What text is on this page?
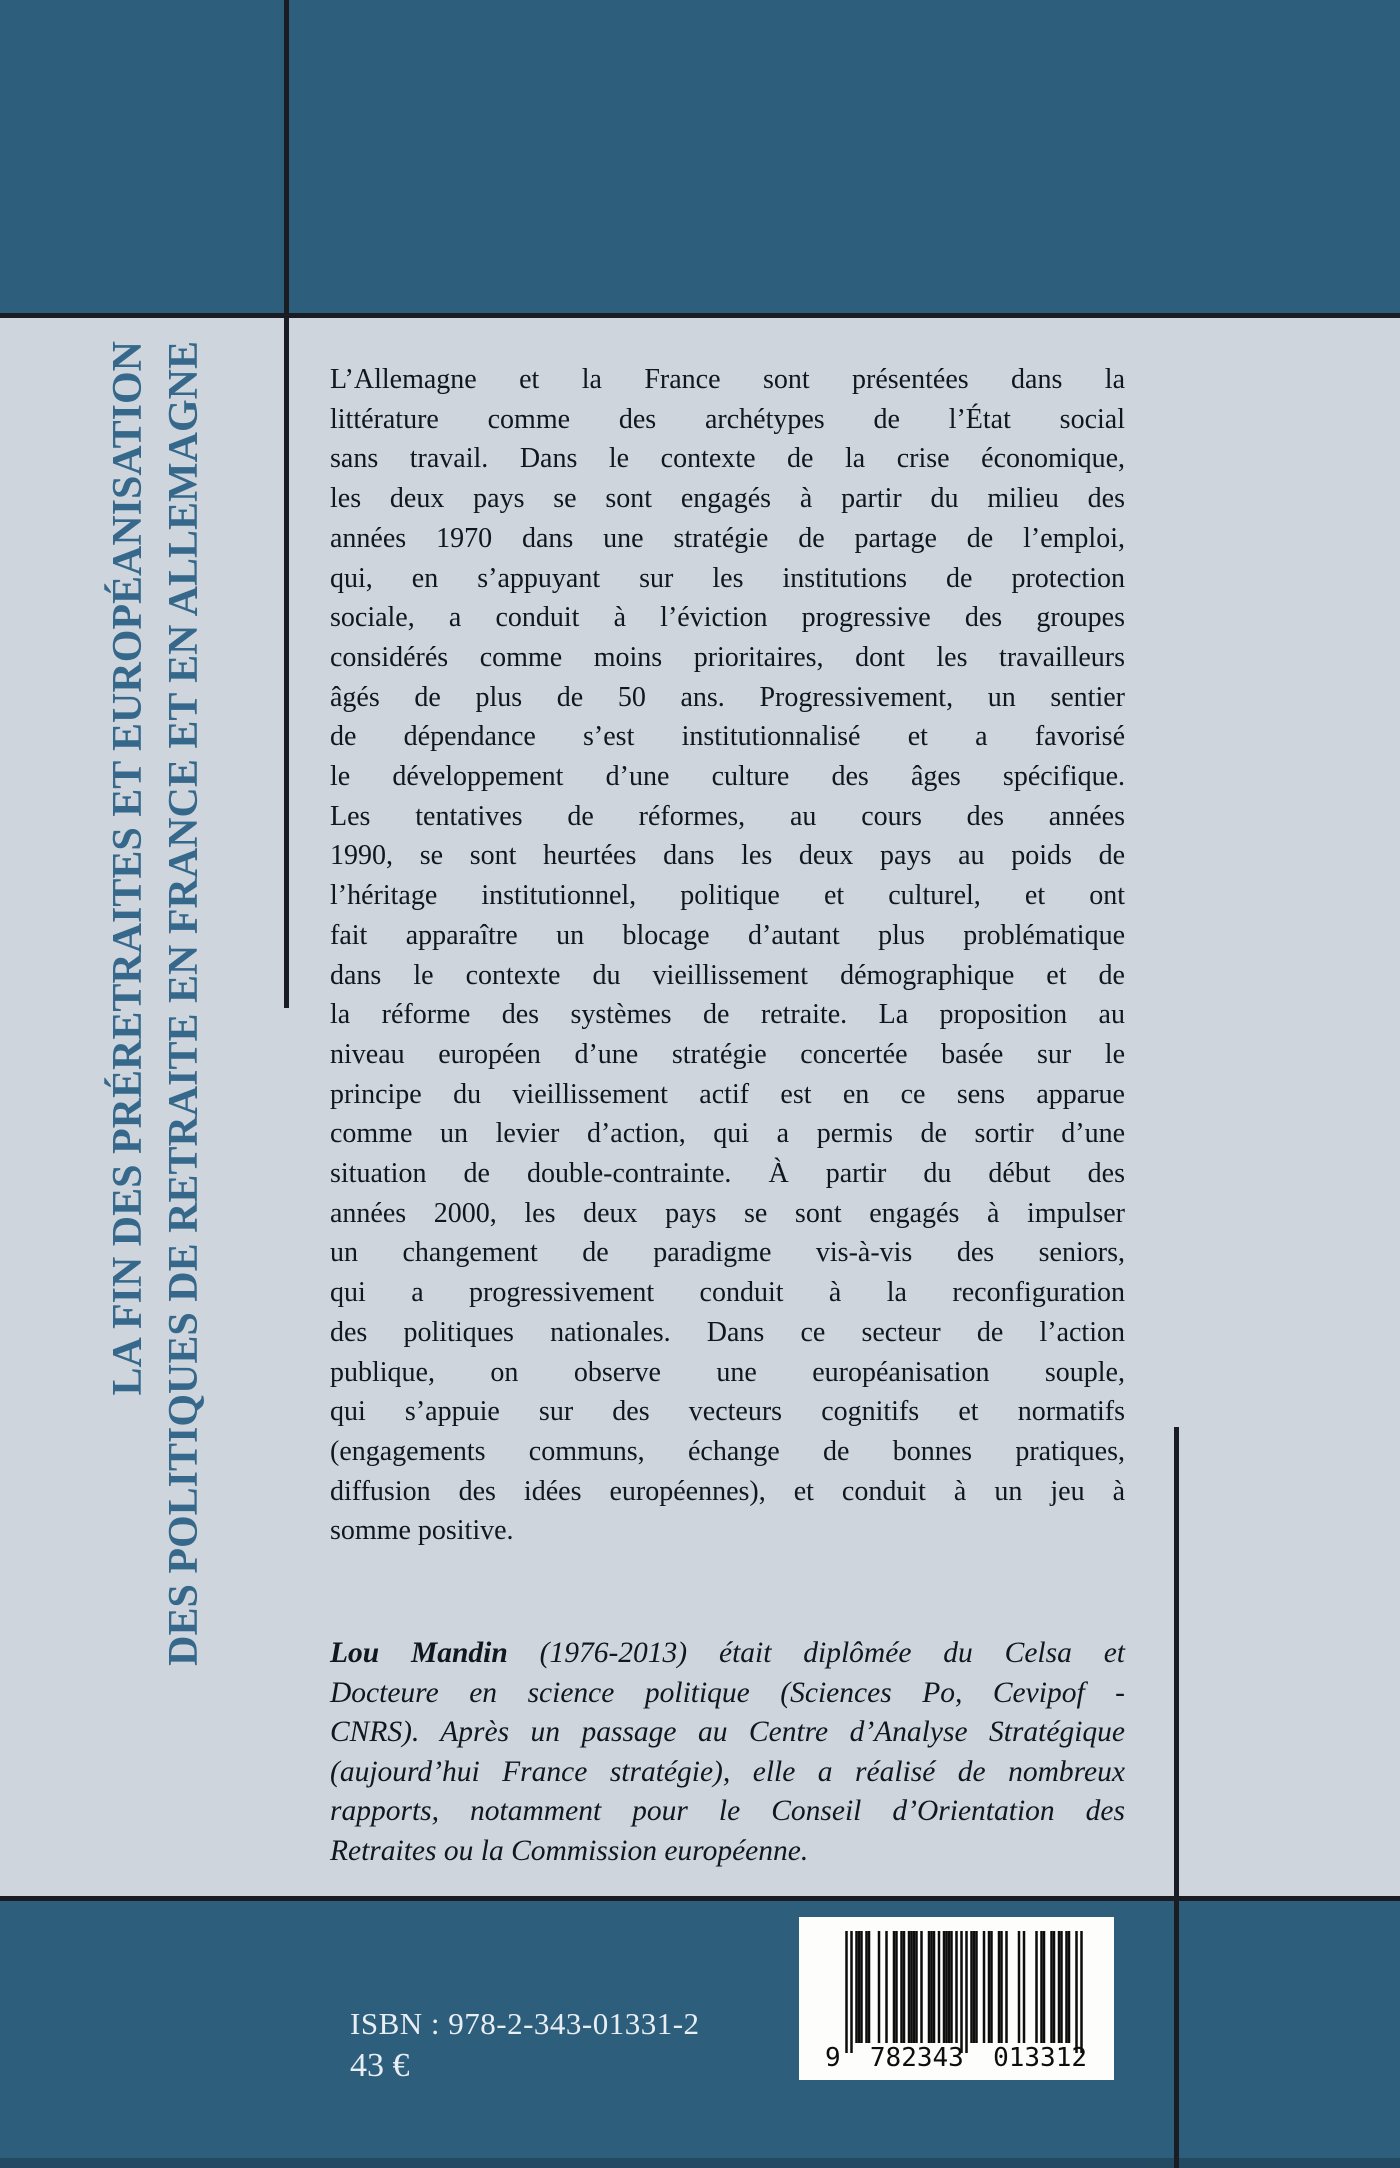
LA FIN DES PRÉRETRAITES ET EUROPÉANISATION DES POLITIQUES DE RETRAITE EN FRANCE ET EN ALLEMAGNE	L’Allemagne et la France sont présentées dans la
littérature comme des archétypes de l’État social
sans travail. Dans le contexte de la crise économique,
les deux pays se sont engagés à partir du milieu des
années 1970 dans une stratégie de partage de l’emploi,
qui, en s’appuyant sur les institutions de protection
sociale, a conduit à l’éviction progressive des groupes
considérés comme moins prioritaires, dont les travailleurs
âgés de plus de 50 ans. Progressivement, un sentier
de dépendance s’est institutionnalisé et a favorisé
le développement d’une culture des âges spécifique.
Les tentatives de réformes, au cours des années
1990, se sont heurtées dans les deux pays au poids de
l’héritage institutionnel, politique et culturel, et ont
fait apparaître un blocage d’autant plus problématique
dans le contexte du vieillissement démographique et de
la réforme des systèmes de retraite. La proposition au
niveau européen d’une stratégie concertée basée sur le
principe du vieillissement actif est en ce sens apparue
comme un levier d’action, qui a permis de sortir d’une
situation de double-contrainte. À partir du début des
années 2000, les deux pays se sont engagés à impulser
un changement de paradigme vis-à-vis des seniors,
qui a progressivement conduit à la reconfiguration
des politiques nationales. Dans ce secteur de l’action
publique, on observe une européanisation souple,
qui s’appuie sur des vecteurs cognitifs et normatifs
(engagements communs, échange de bonnes pratiques,
diffusion des idées européennes), et conduit à un jeu à
somme positive.
Lou Mandin (1976-2013) était diplômée du Celsa et
Docteure en science politique (Sciences Po, Cevipof -
CNRS). Après un passage au Centre d’Analyse Stratégique
(aujourd’hui France stratégie), elle a réalisé de nombreux
rapports, notamment pour le Conseil d’Orientation des
Retraites ou la Commission européenne.
ISBN : 978-2-343-01331-2
43 €	9 782343 013312
